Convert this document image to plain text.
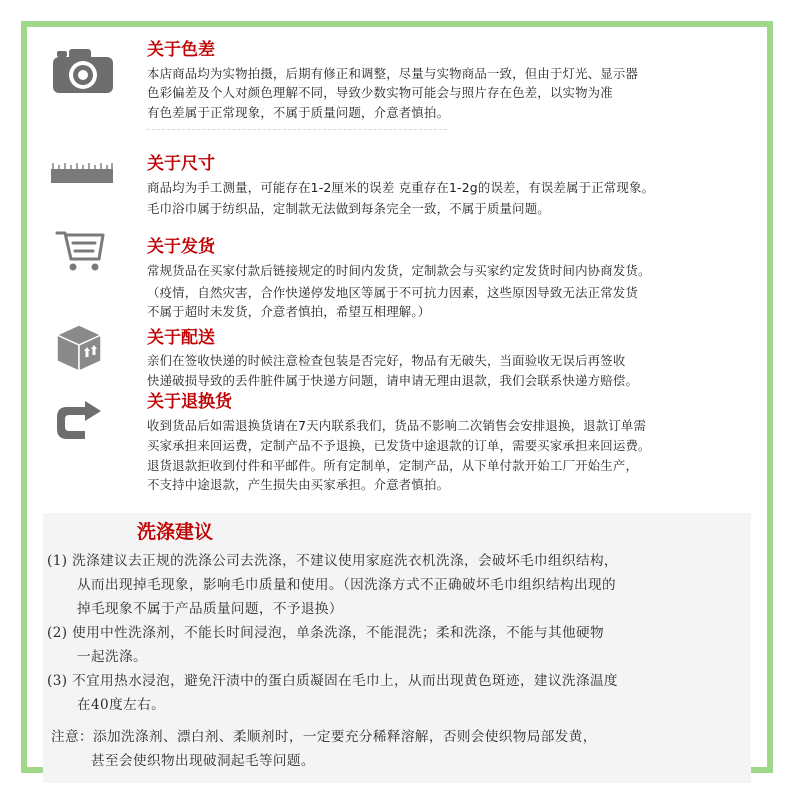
关于色差
本店商品均为实物拍摄，后期有修正和调整，尽量与实物商品一致，但由于灯光、显示器
色彩偏差及个人对颜色理解不同，导致少数实物可能会与照片存在色差，以实物为准
有色差属于正常现象，不属于质量问题，介意者慎拍。
关于尺寸
商品均为手工测量，可能存在1-2厘米的误差 克重存在1-2g的误差，有误差属于正常现象。
毛巾浴巾属于纺织品，定制款无法做到每条完全一致，不属于质量问题。
关于发货
常规货品在买家付款后链接规定的时间内发货，定制款会与买家约定发货时间内协商发货。
（疫情，自然灾害，合作快递停发地区等属于不可抗力因素，这些原因导致无法正常发货
不属于超时未发货，介意者慎拍，希望互相理解。）
关于配送
亲们在签收快递的时候注意检查包装是否完好，物品有无破失，当面验收无误后再签收
快递破损导致的丢件脏件属于快递方问题，请申请无理由退款，我们会联系快递方赔偿。
关于退换货
收到货品后如需退换货请在7天内联系我们，货品不影响二次销售会安排退换，退款订单需
买家承担来回运费，定制产品不予退换，已发货中途退款的订单，需要买家承担来回运费。
退货退款拒收到付件和平邮件。所有定制单，定制产品，从下单付款开始工厂开始生产，
不支持中途退款，产生损失由买家承担。介意者慎拍。
洗涤建议
(1) 洗涤建议去正规的洗涤公司去洗涤，不建议使用家庭洗衣机洗涤，会破坏毛巾组织结构，
从而出现掉毛现象，影响毛巾质量和使用。（因洗涤方式不正确破坏毛巾组织结构出现的
掉毛现象不属于产品质量问题，不予退换）
(2) 使用中性洗涤剂，不能长时间浸泡，单条洗涤，不能混洗；柔和洗涤，不能与其他硬物
一起洗涤。
(3) 不宜用热水浸泡，避免汗渍中的蛋白质凝固在毛巾上，从而出现黄色斑迹，建议洗涤温度
在40度左右。
注意：添加洗涤剂、漂白剂、柔顺剂时，一定要充分稀释溶解，否则会使织物局部发黄，
甚至会使织物出现破洞起毛等问题。
